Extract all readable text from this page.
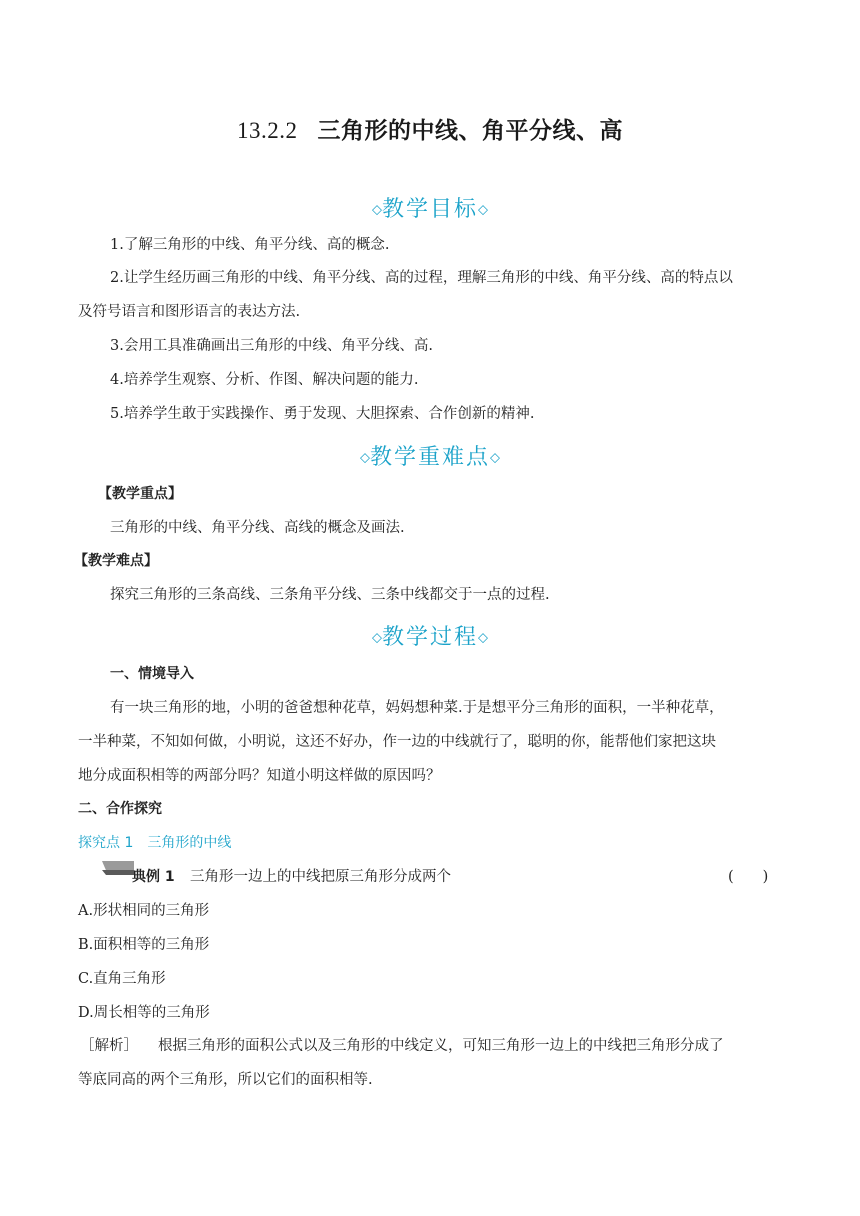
13.2.2 三角形的中线、角平分线、高
◇教学目标◇
1.了解三角形的中线、角平分线、高的概念.
2.让学生经历画三角形的中线、角平分线、高的过程，理解三角形的中线、角平分线、高的特点以
及符号语言和图形语言的表达方法.
3.会用工具准确画出三角形的中线、角平分线、高.
4.培养学生观察、分析、作图、解决问题的能力.
5.培养学生敢于实践操作、勇于发现、大胆探索、合作创新的精神.
◇教学重难点◇
【教学重点】
三角形的中线、角平分线、高线的概念及画法.
【教学难点】
探究三角形的三条高线、三条角平分线、三条中线都交于一点的过程.
◇教学过程◇
一、情境导入
有一块三角形的地，小明的爸爸想种花草，妈妈想种菜.于是想平分三角形的面积，一半种花草，
一半种菜，不知如何做，小明说，这还不好办，作一边的中线就行了，聪明的你，能帮他们家把这块
地分成面积相等的两部分吗？知道小明这样做的原因吗？
二、合作探究
探究点 1　三角形的中线
典例 1 三角形一边上的中线把原三角形分成两个	(　　)
A.形状相同的三角形
B.面积相等的三角形
C.直角三角形
D.周长相等的三角形
［解析］ 根据三角形的面积公式以及三角形的中线定义，可知三角形一边上的中线把三角形分成了
等底同高的两个三角形，所以它们的面积相等.
